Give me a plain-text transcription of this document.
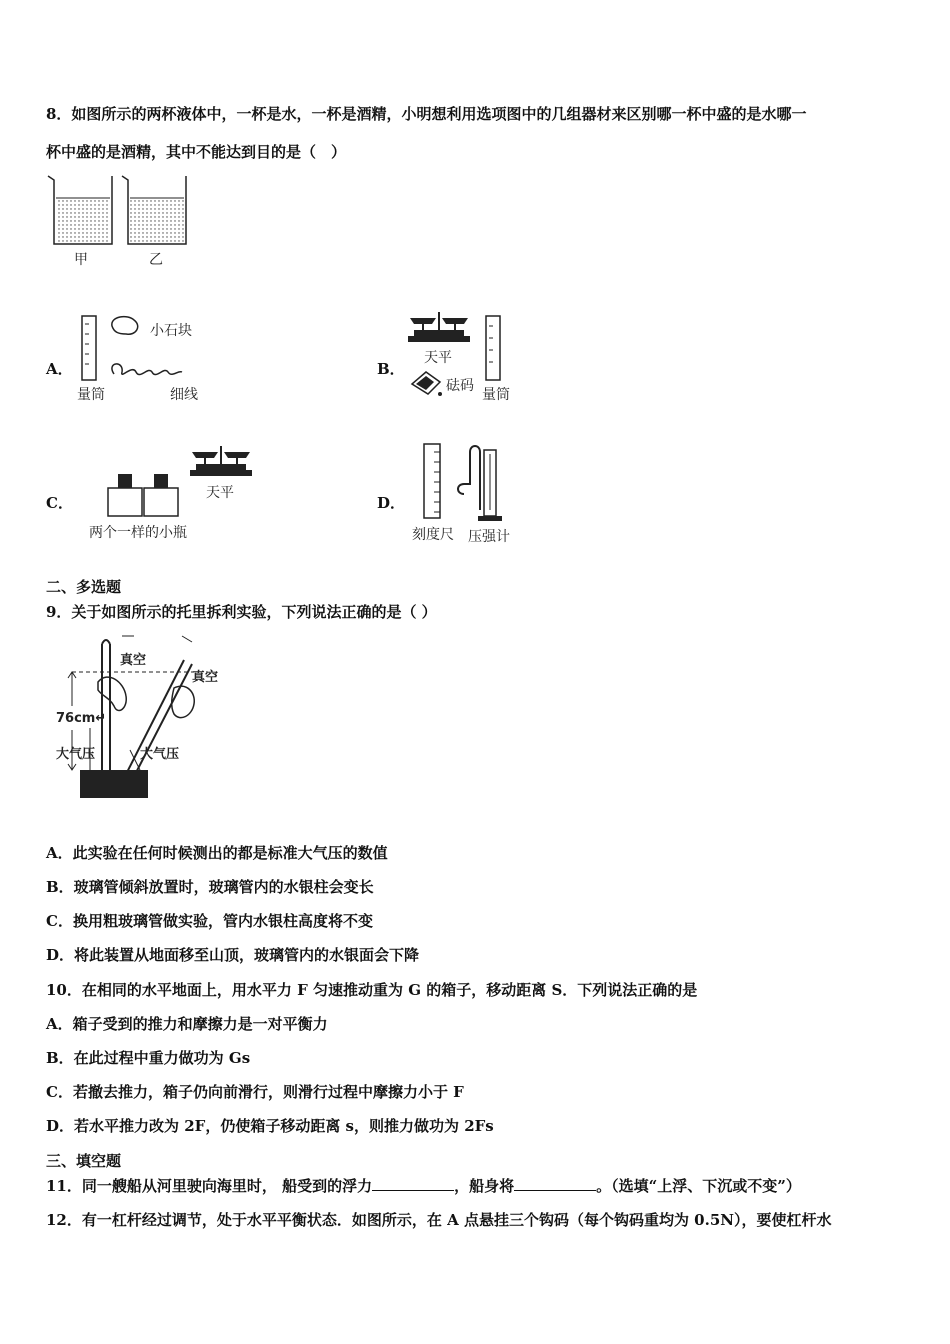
8．如图所示的两杯液体中，一杯是水，一杯是酒精，小明想利用选项图中的几组器材来区别哪一杯中盛的是水哪一
杯中盛的是酒精，其中不能达到目的是（　）
甲	乙
A．
小石块
量筒	细线
B．
天平
砝码
量筒
C．
天平
两个一样的小瓶
D．
刻度尺 压强计
二、多选题
9．关于如图所示的托里拆利实验，下列说法正确的是（ ）
真空
真空
76cm↵
大气压	大气压
A．此实验在任何时候测出的都是标准大气压的数值
B．玻璃管倾斜放置时，玻璃管内的水银柱会变长
C．换用粗玻璃管做实验，管内水银柱高度将不变
D．将此装置从地面移至山顶，玻璃管内的水银面会下降
10．在相同的水平地面上，用水平力 F 匀速推动重为 G 的箱子，移动距离 S．下列说法正确的是
A．箱子受到的推力和摩擦力是一对平衡力
B．在此过程中重力做功为 Gs
C．若撤去推力，箱子仍向前滑行，则滑行过程中摩擦力小于 F
D．若水平推力改为 2F，仍使箱子移动距离 s，则推力做功为 2Fs
三、填空题
11．同一艘船从河里驶向海里时， 船受到的浮力	，船身将	。（选填“上浮、下沉或不变”）
12．有一杠杆经过调节，处于水平平衡状态．如图所示，在 A 点悬挂三个钩码（每个钩码重均为 0.5N），要使杠杆水
